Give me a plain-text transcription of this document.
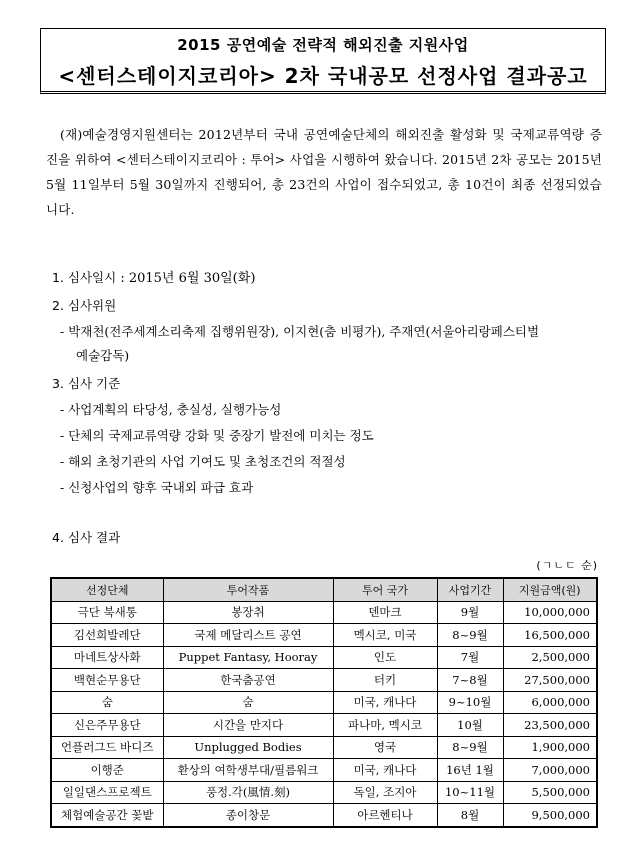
2015 공연예술 전략적 해외진출 지원사업
<센터스테이지코리아> 2차 국내공모 선정사업 결과공고

(재)예술경영지원센터는 2012년부터 국내 공연예술단체의 해외진출 활성화 및 국제교류역량 증진을 위하여 <센터스테이지코리아 : 투어> 사업을 시행하여 왔습니다. 2015년 2차 공모는 2015년 5월 11일부터 5월 30일까지 진행되어, 총 23건의 사업이 접수되었고, 총 10건이 최종 선정되었습니다.

1. 심사일시 : 2015년 6월 30일(화)
2. 심사위원
- 박재천(전주세계소리축제 집행위원장), 이지현(춤 비평가), 주재연(서울아리랑페스티벌
예술감독)
3. 심사 기준
- 사업계획의 타당성, 충실성, 실행가능성
- 단체의 국제교류역량 강화 및 중장기 발전에 미치는 정도
- 해외 초청기관의 사업 기여도 및 초청조건의 적절성
- 신청사업의 향후 국내외 파급 효과
4. 심사 결과
(ㄱㄴㄷ 순)
선정단체	투어작품	투어 국가	사업기간	지원금액(원)
극단 북새통	봉장취	덴마크	9월	10,000,000
김선희발레단	국제 메달리스트 공연	멕시코, 미국	8~9월	16,500,000
마네트상사화	Puppet Fantasy, Hooray	인도	7월	2,500,000
백현순무용단	한국춤공연	터키	7~8월	27,500,000
숨	숨	미국, 캐나다	9~10월	6,000,000
신은주무용단	시간을 만지다	파나마, 멕시코	10월	23,500,000
언플러그드 바디즈	Unplugged Bodies	영국	8~9월	1,900,000
이행준	환상의 여학생부대/필름워크	미국, 캐나다	16년 1월	7,000,000
일일댄스프로젝트	풍정.각(風情.刻)	독일, 조지아	10~11월	5,500,000
체험예술공간 꽃밭	종이창문	아르헨티나	8월	9,500,000
